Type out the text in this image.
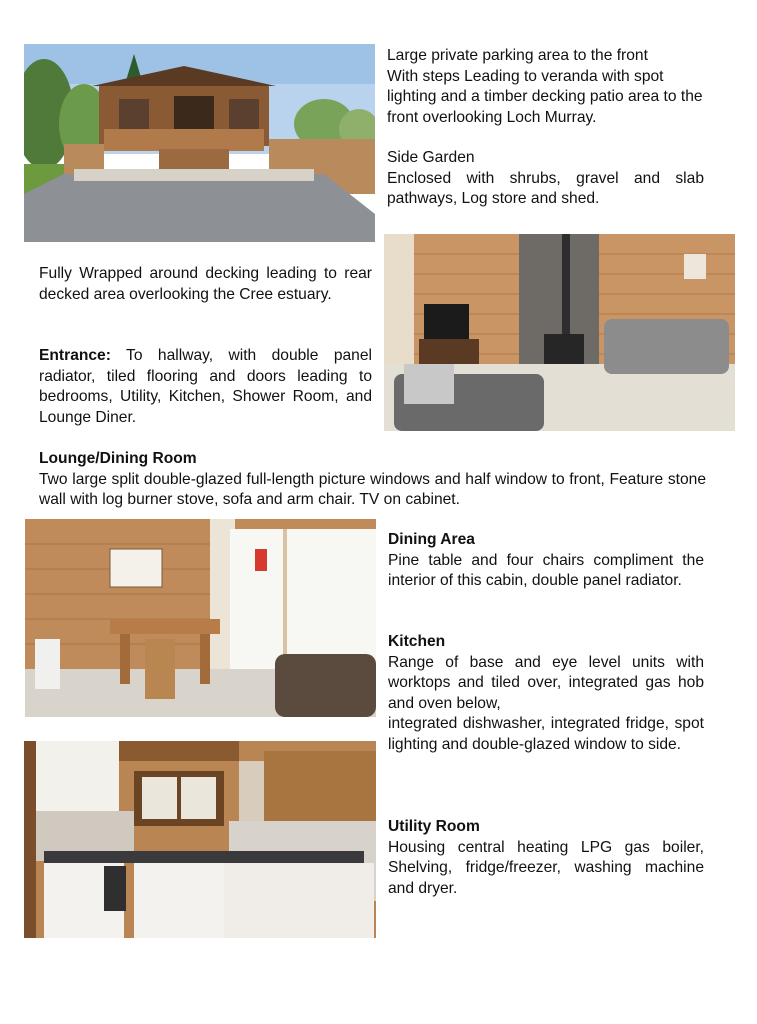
Large private parking area to the front

With steps Leading to veranda with spot lighting and a timber decking patio area to the front overlooking Loch Murray.

Side Garden

Enclosed with shrubs, gravel and slab pathways, Log store and shed.

Fully Wrapped around decking leading to rear decked area overlooking the Cree estuary.

Entrance: To hallway, with double panel radiator, tiled flooring and doors leading to bedrooms, Utility, Kitchen, Shower Room, and Lounge Diner.

Lounge/Dining Room

Two large split double-glazed full-length picture windows and half window to front, Feature stone wall with log burner stove, sofa and arm chair. TV on cabinet.

Dining Area

Pine table and four chairs compliment the interior of this cabin, double panel radiator.

Kitchen

Range of base and eye level units with worktops and tiled over, integrated gas hob and oven below,

integrated dishwasher, integrated fridge, spot lighting and double-glazed window to side.

Utility Room

Housing central heating LPG gas boiler, Shelving, fridge/freezer, washing machine and dryer.
